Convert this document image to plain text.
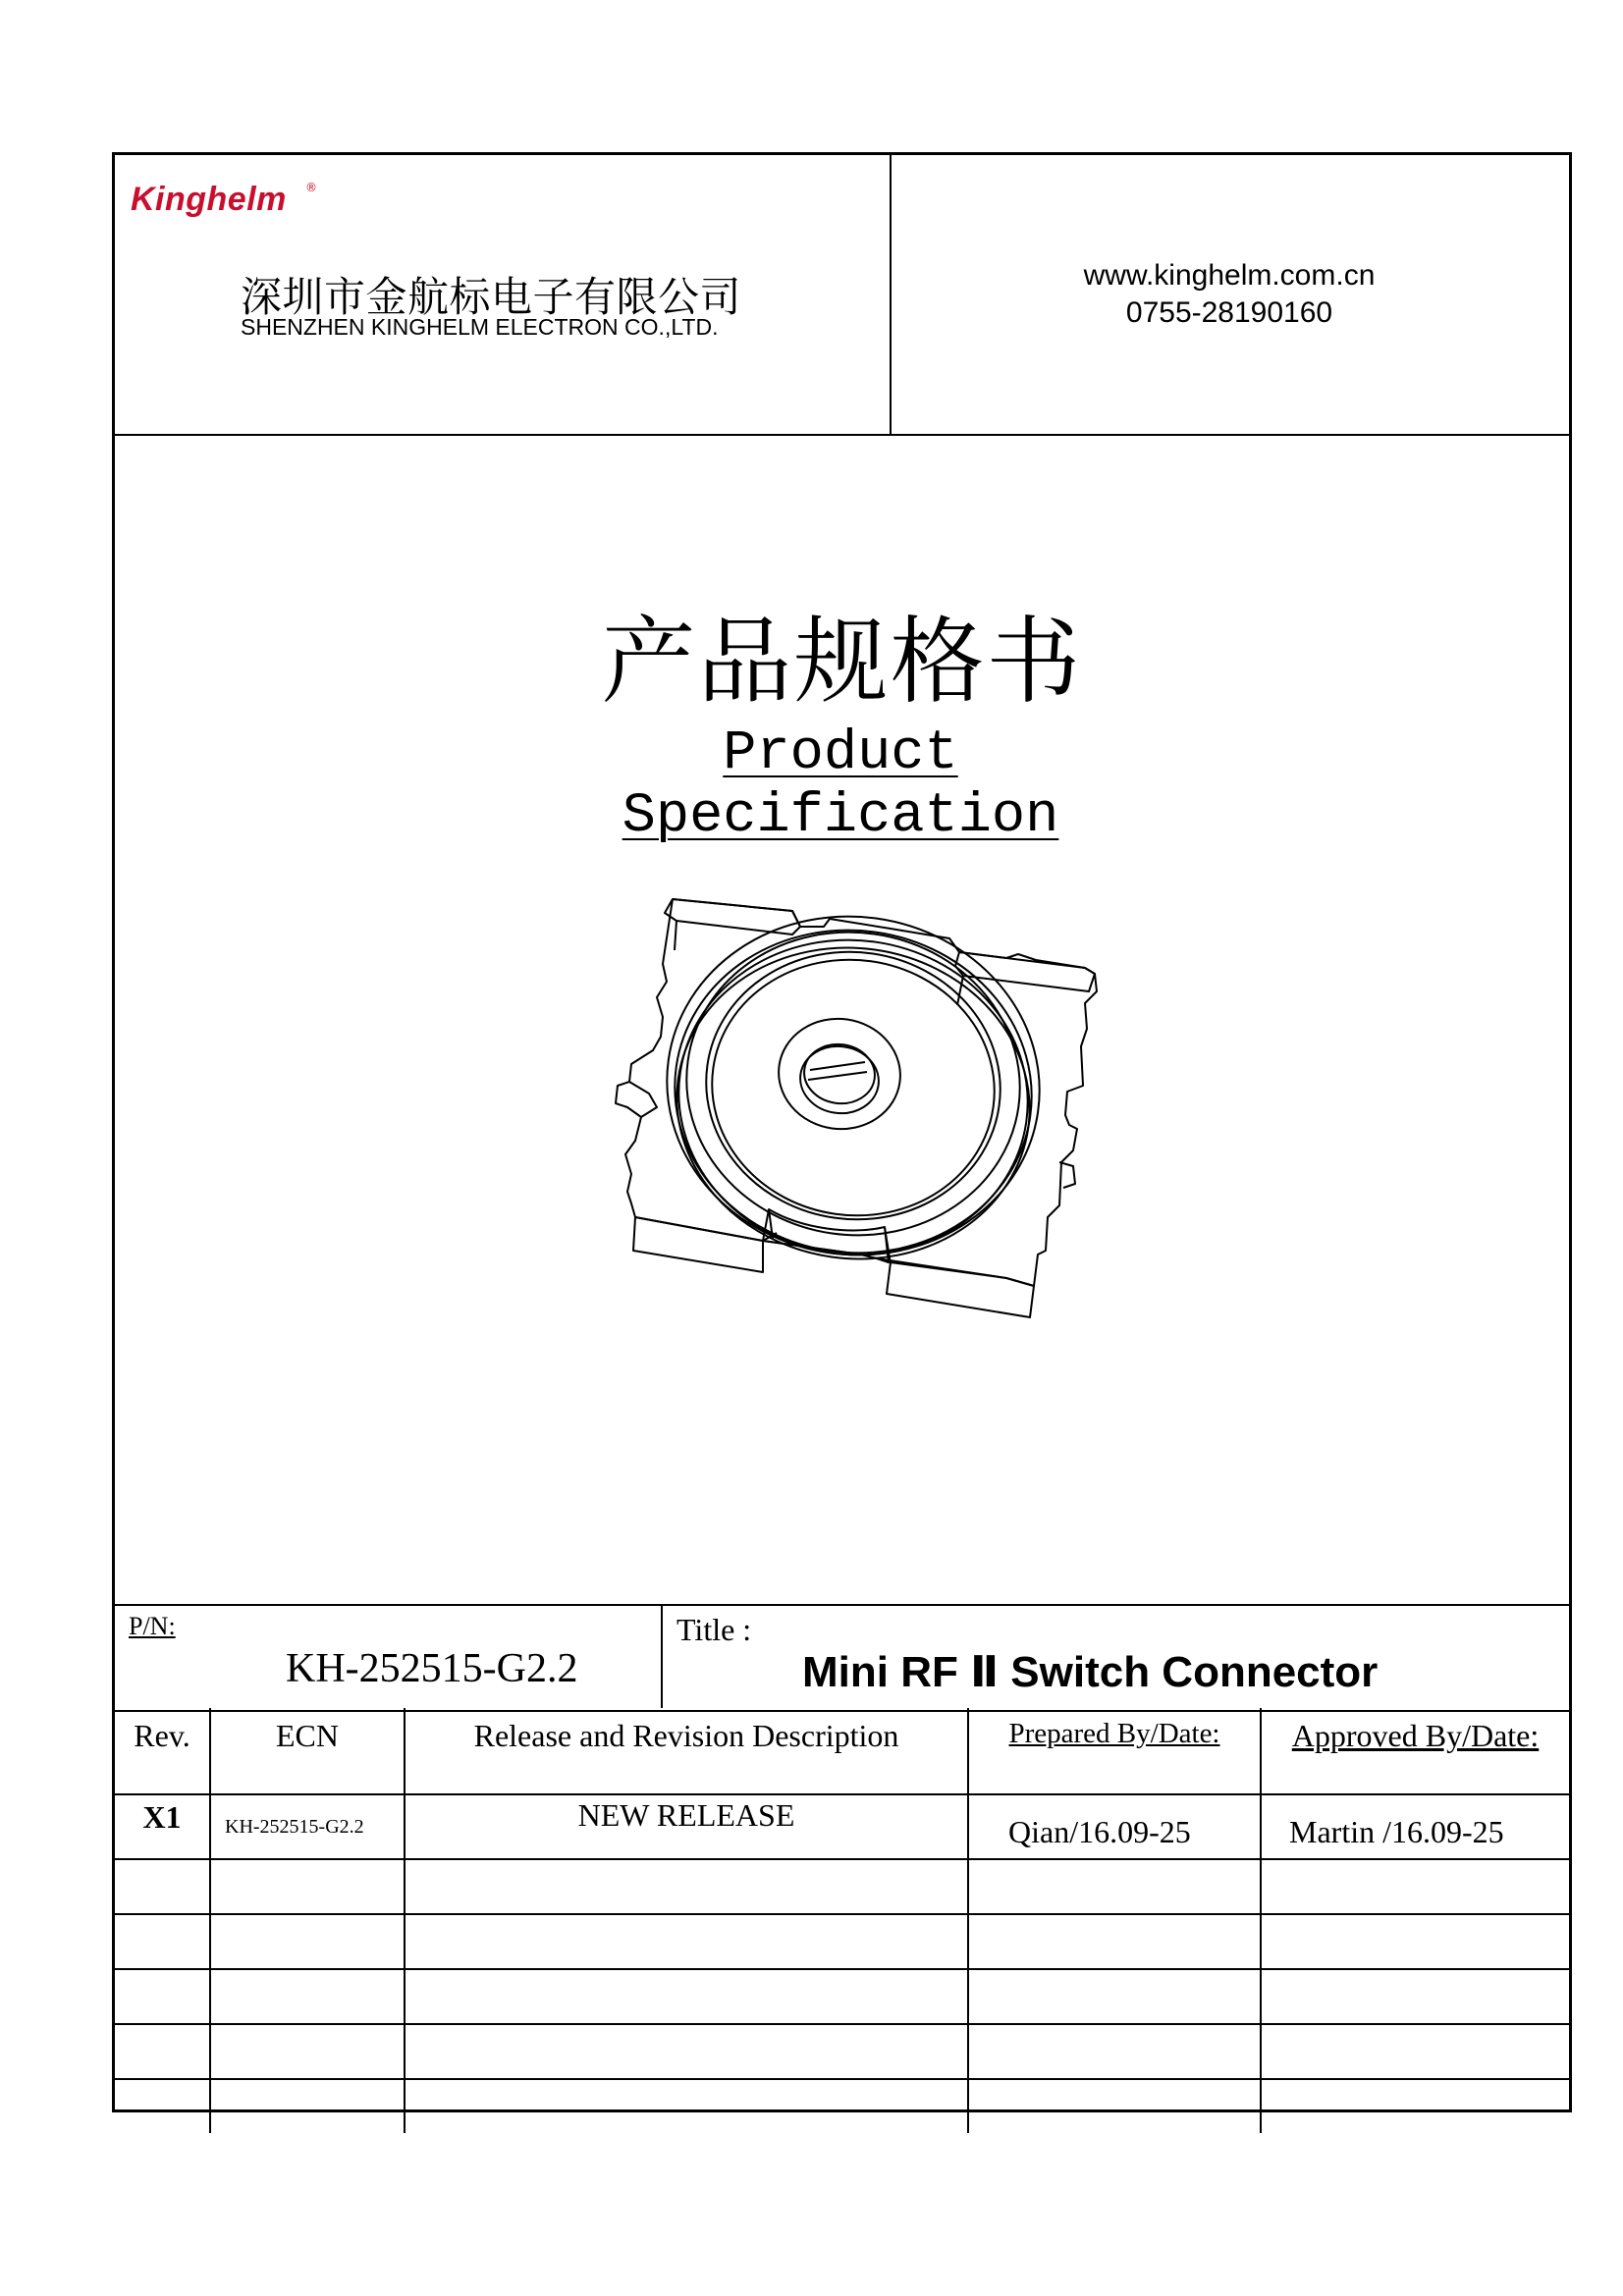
Kinghelm ®
深圳市金航标电子有限公司
SHENZHEN KINGHELM ELECTRON CO.,LTD.
www.kinghelm.com.cn
0755-28190160
产品规格书
Product Specification
P/N:
KH-252515-G2.2
Title :
Mini RF Ⅱ Switch Connector
Rev.	ECN	Release and Revision Description	Prepared By/Date:	Approved By/Date:
X1	KH-252515-G2.2	NEW RELEASE	Qian/16.09-25	Martin /16.09-25
